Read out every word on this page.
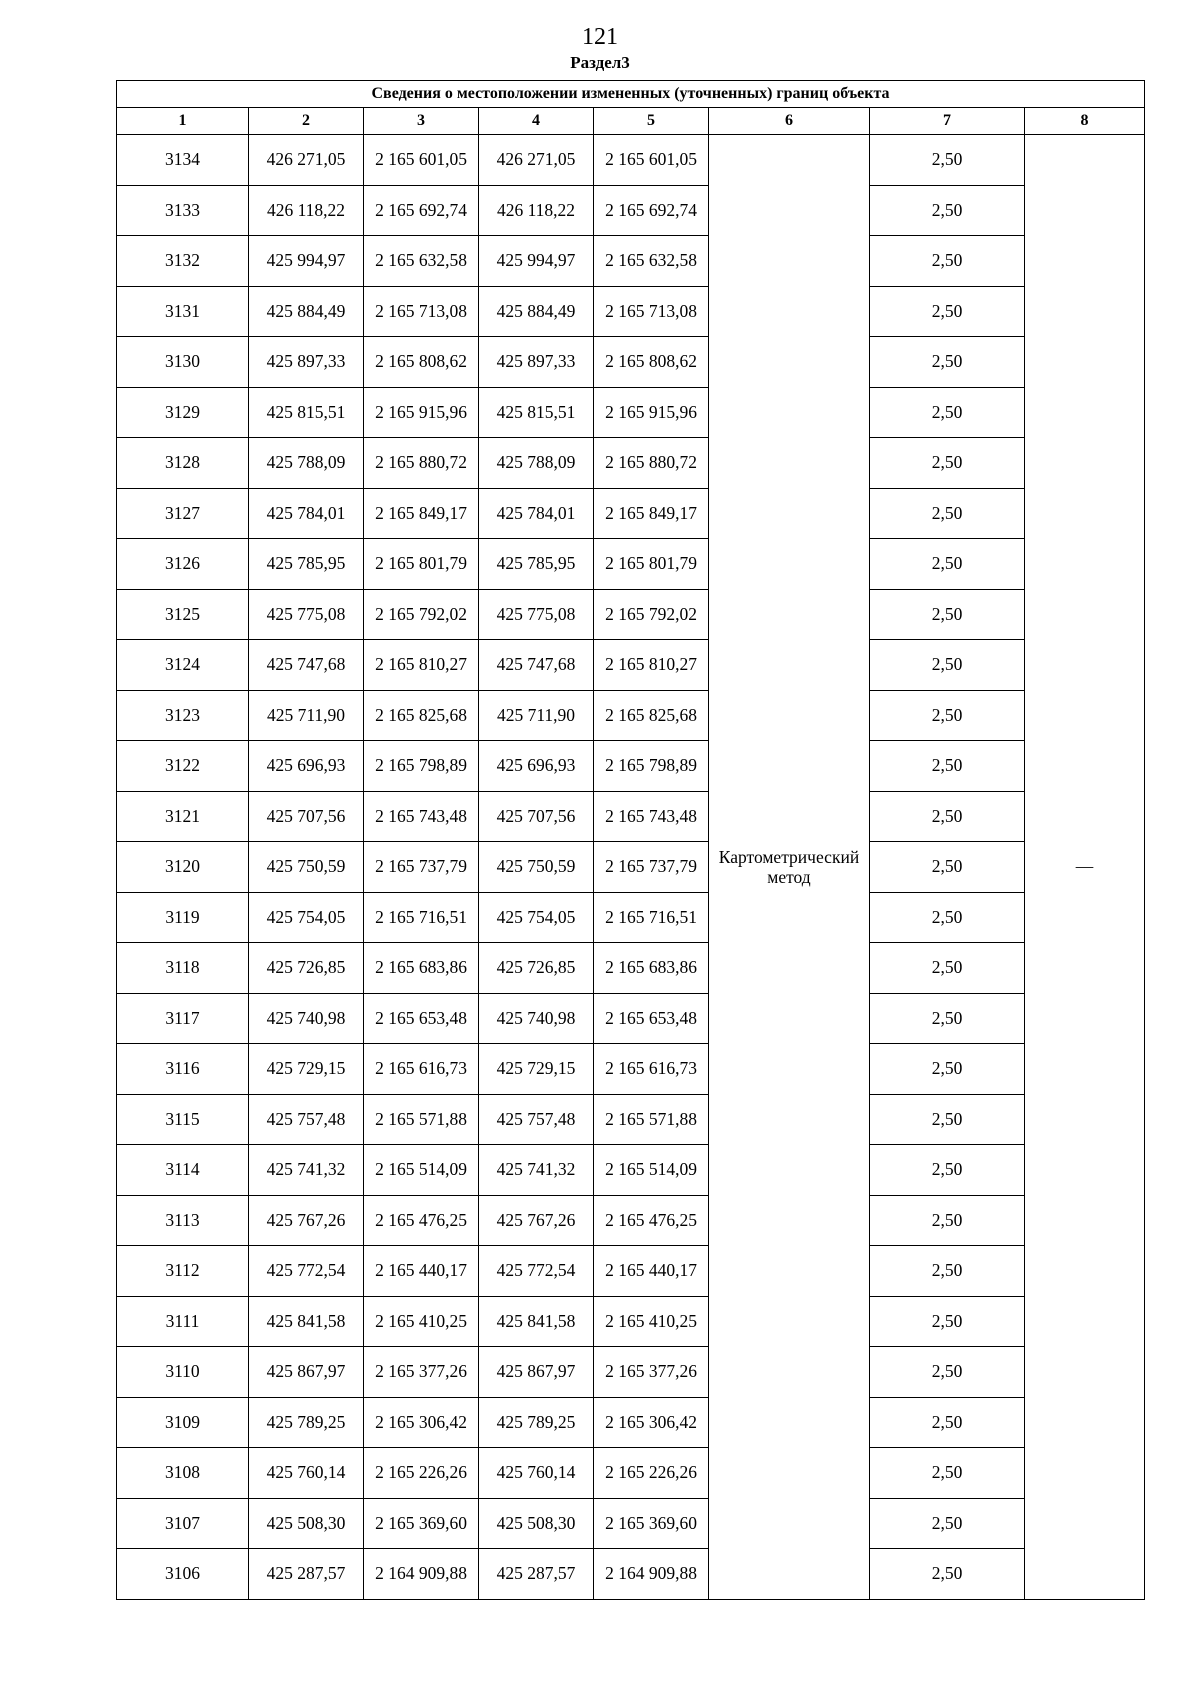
121
Раздел3
Сведения о местоположении измененных (уточненных) границ объекта							
1	2	3	4	5	6	7	8
3134	426 271,05	2 165 601,05	426 271,05	2 165 601,05	Картометрический метод	2,50	—
3133	426 118,22	2 165 692,74	426 118,22	2 165 692,74		2,50	
3132	425 994,97	2 165 632,58	425 994,97	2 165 632,58		2,50	
3131	425 884,49	2 165 713,08	425 884,49	2 165 713,08		2,50	
3130	425 897,33	2 165 808,62	425 897,33	2 165 808,62		2,50	
3129	425 815,51	2 165 915,96	425 815,51	2 165 915,96		2,50	
3128	425 788,09	2 165 880,72	425 788,09	2 165 880,72		2,50	
3127	425 784,01	2 165 849,17	425 784,01	2 165 849,17		2,50	
3126	425 785,95	2 165 801,79	425 785,95	2 165 801,79		2,50	
3125	425 775,08	2 165 792,02	425 775,08	2 165 792,02		2,50	
3124	425 747,68	2 165 810,27	425 747,68	2 165 810,27		2,50	
3123	425 711,90	2 165 825,68	425 711,90	2 165 825,68		2,50	
3122	425 696,93	2 165 798,89	425 696,93	2 165 798,89		2,50	
3121	425 707,56	2 165 743,48	425 707,56	2 165 743,48		2,50	
3120	425 750,59	2 165 737,79	425 750,59	2 165 737,79		2,50	
3119	425 754,05	2 165 716,51	425 754,05	2 165 716,51		2,50	
3118	425 726,85	2 165 683,86	425 726,85	2 165 683,86		2,50	
3117	425 740,98	2 165 653,48	425 740,98	2 165 653,48		2,50	
3116	425 729,15	2 165 616,73	425 729,15	2 165 616,73		2,50	
3115	425 757,48	2 165 571,88	425 757,48	2 165 571,88		2,50	
3114	425 741,32	2 165 514,09	425 741,32	2 165 514,09		2,50	
3113	425 767,26	2 165 476,25	425 767,26	2 165 476,25		2,50	
3112	425 772,54	2 165 440,17	425 772,54	2 165 440,17		2,50	
3111	425 841,58	2 165 410,25	425 841,58	2 165 410,25		2,50	
3110	425 867,97	2 165 377,26	425 867,97	2 165 377,26		2,50	
3109	425 789,25	2 165 306,42	425 789,25	2 165 306,42		2,50	
3108	425 760,14	2 165 226,26	425 760,14	2 165 226,26		2,50	
3107	425 508,30	2 165 369,60	425 508,30	2 165 369,60		2,50	
3106	425 287,57	2 164 909,88	425 287,57	2 164 909,88		2,50	
